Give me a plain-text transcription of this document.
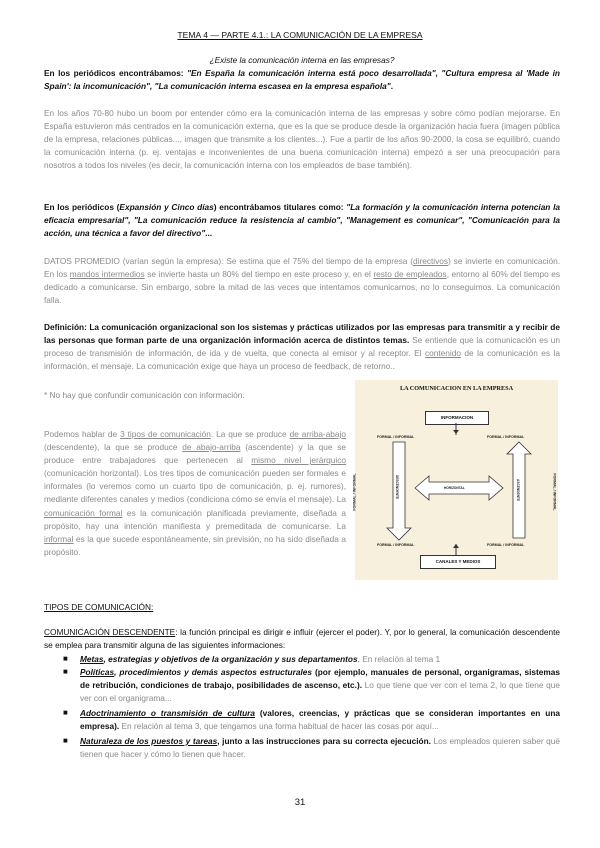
TEMA 4 — PARTE 4.1.: LA COMUNICACIÓN DE LA EMPRESA
¿Existe la comunicación interna en las empresas?
En los periódicos encontrábamos: "En España la comunicación interna está poco desarrollada", "Cultura empresa al 'Made in Spain': la incomunicación", "La comunicación interna escasea en la empresa española".
En los años 70-80 hubo un boom por entender cómo era la comunicación interna de las empresas y sobre cómo podían mejorarse. En España estuvieron más centrados en la comunicación externa, que es la que se produce desde la organización hacia fuera (imagen pública de la empresa, relaciones públicas..., imagen que transmite a los clientes...). Fue a partir de los años 90-2000, la cosa se equilibró, cuando la comunicación interna (p. ej. ventajas e inconvenientes de una buena comunicación interna) empezó a ser una preocupación para nosotros a todos los niveles (es decir, la comunicación interna con los empleados de base también).
En los periódicos (Expansión y Cinco días) encontrábamos titulares como: "La formación y la comunicación interna potencian la eficacia empresarial", "La comunicación reduce la resistencia al cambio", "Management es comunicar", "Comunicación para la acción, una técnica a favor del directivo"...
DATOS PROMEDIO (varían según la empresa): Se estima que el 75% del tiempo de la empresa (directivos) se invierte en comunicación. En los mandos intermedios se invierte hasta un 80% del tiempo en este proceso y, en el resto de empleados, entorno al 60% del tiempo es dedicado a comunicarse. Sin embargo, sobre la mitad de las veces que intentamos comunicarnos, no lo conseguimos. La comunicación falla.
Definición: La comunicación organizacional son los sistemas y prácticas utilizados por las empresas para transmitir a y recibir de las personas que forman parte de una organización información acerca de distintos temas. Se entiende que la comunicación es un proceso de transmisión de información, de ida y de vuelta, que conecta al emisor y al receptor. El contenido de la comunicación es la información, el mensaje. La comunicación exige que haya un proceso de feedback, de retorno..
* No hay que confundir comunicación con información.
Podemos hablar de 3 tipos de comunicación. La que se produce de arriba-abajo (descendente), la que se produce de abajo-arriba (ascendente) y la que se produce entre trabajadores que pertenecen al mismo nivel jerárquico (comunicación horizontal). Los tres tipos de comunicación pueden ser formales e informales (lo veremos como un cuarto tipo de comunicación, p. ej. rumores), mediante diferentes canales y medios (condiciona cómo se envía el mensaje). La comunicación formal es la comunicación planificada previamente, diseñada a propósito, hay una intención manifiesta y premeditada de comunicarse. La informal es la que sucede espontáneamente, sin previsión, no ha sido diseñada a propósito.
LA COMUNICACION EN LA EMPRESA
INFORMACION
CANALES Y MEDIOS
FORMAL / INFORMAL	FORMAL / INFORMAL
FORMAL / INFORMAL	FORMAL / INFORMAL
FORMAL / INFORMAL	FORMAL / INFORMAL
DESCENDENTE	ASCENDENTE
HORIZONTAL
TIPOS DE COMUNICACIÓN:
COMUNICACIÓN DESCENDENTE: la función principal es dirigir e influir (ejercer el poder). Y, por lo general, la comunicación descendente se emplea para transmitir alguna de las siguientes informaciones:
■ Metas, estrategias y objetivos de la organización y sus departamentos. En relación al tema 1
■ Políticas, procedimientos y demás aspectos estructurales (por ejemplo, manuales de personal, organigramas, sistemas de retribución, condiciones de trabajo, posibilidades de ascenso, etc.). Lo que tiene que ver con el tema 2, lo que tiene que ver con el organigrama...
■ Adoctrinamiento o transmisión de cultura (valores, creencias, y prácticas que se consideran importantes en una empresa). En relación al tema 3, que tengamos una forma habitual de hacer las cosas por aquí...
■ Naturaleza de los puestos y tareas, junto a las instrucciones para su correcta ejecución. Los empleados quieren saber qué tienen que hacer y cómo lo tienen que hacer.
31
